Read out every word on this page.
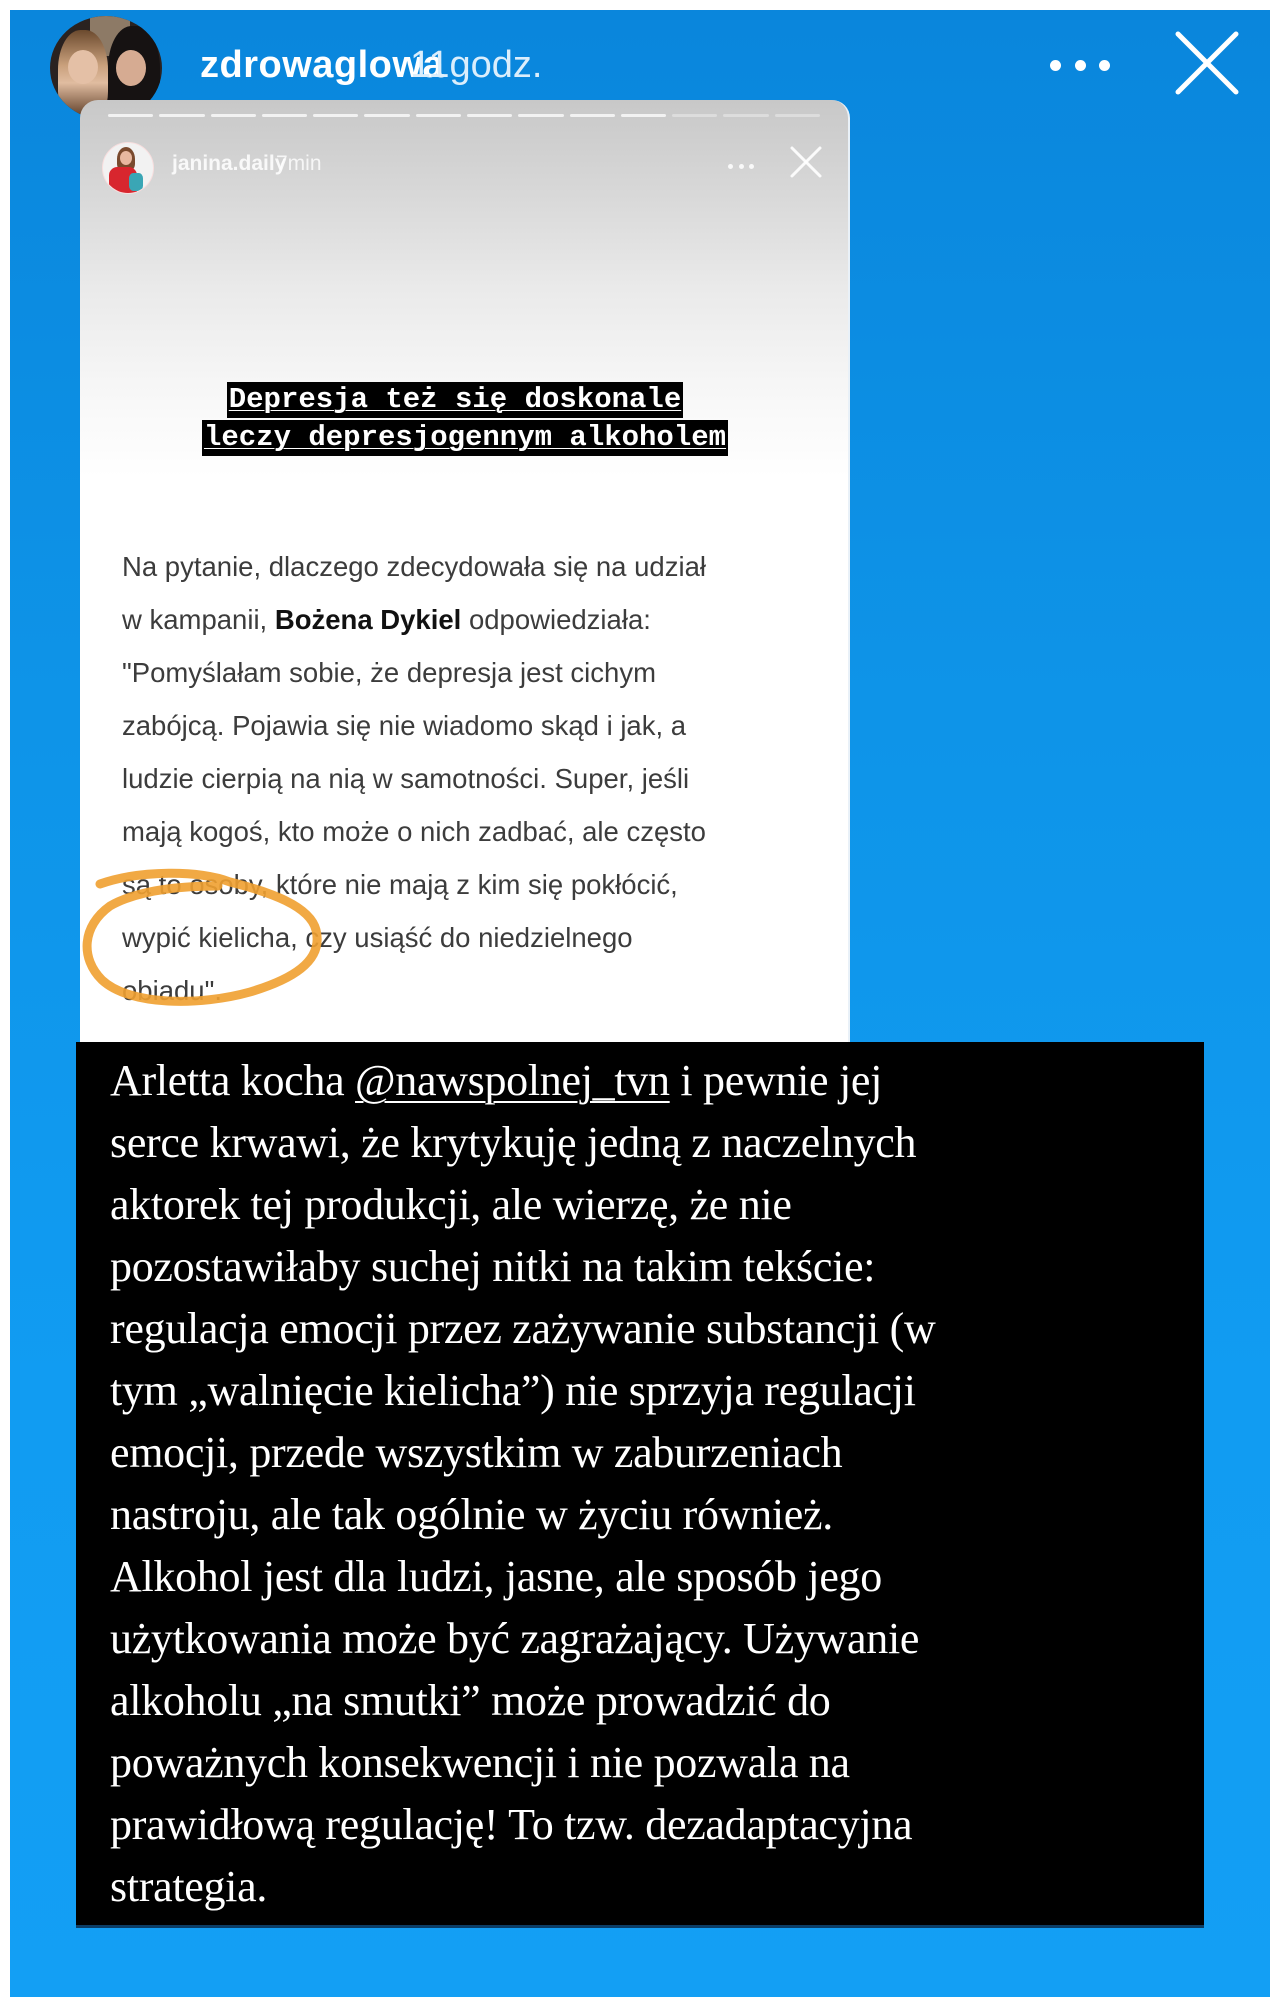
zdrowaglowa
11godz.
janina.daily
7min
Depresja też się doskonale
leczy depresjogennym alkoholem
Na pytanie, dlaczego zdecydowała się na udział
w kampanii, Bożena Dykiel odpowiedziała:
"Pomyślałam sobie, że depresja jest cichym
zabójcą. Pojawia się nie wiadomo skąd i jak, a
ludzie cierpią na nią w samotności. Super, jeśli
mają kogoś, kto może o nich zadbać, ale często
są to osoby, które nie mają z kim się pokłócić,
wypić kielicha, czy usiąść do niedzielnego
obiadu".
Arletta kocha @nawspolnej_tvn i pewnie jej
serce krwawi, że krytykuję jedną z naczelnych
aktorek tej produkcji, ale wierzę, że nie
pozostawiłaby suchej nitki na takim tekście:
regulacja emocji przez zażywanie substancji (w
tym „walnięcie kielicha”) nie sprzyja regulacji
emocji, przede wszystkim w zaburzeniach
nastroju, ale tak ogólnie w życiu również.
Alkohol jest dla ludzi, jasne, ale sposób jego
użytkowania może być zagrażający. Używanie
alkoholu „na smutki” może prowadzić do
poważnych konsekwencji i nie pozwala na
prawidłową regulację! To tzw. dezadaptacyjna
strategia.
